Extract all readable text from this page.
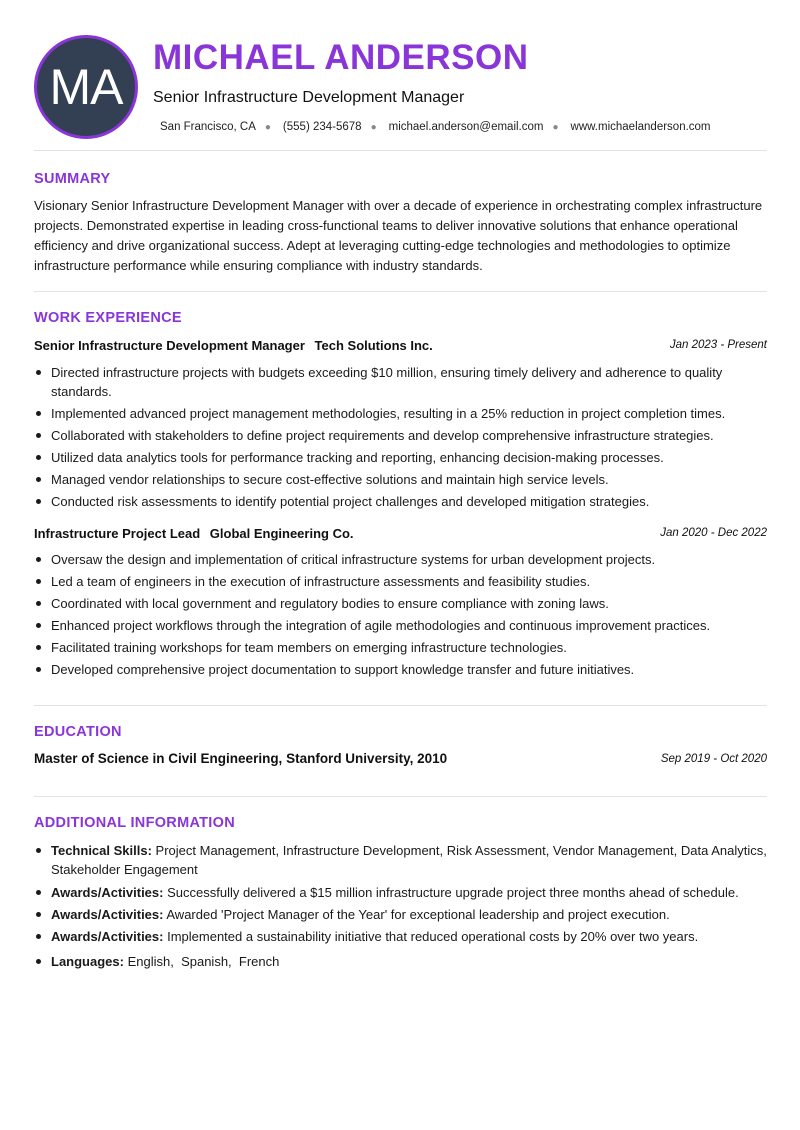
MA
MICHAEL ANDERSON
Senior Infrastructure Development Manager
San Francisco, CA ● (555) 234-5678 ● michael.anderson@email.com ● www.michaelanderson.com
SUMMARY
Visionary Senior Infrastructure Development Manager with over a decade of experience in orchestrating complex infrastructure projects. Demonstrated expertise in leading cross-functional teams to deliver innovative solutions that enhance operational efficiency and drive organizational success. Adept at leveraging cutting-edge technologies and methodologies to optimize infrastructure performance while ensuring compliance with industry standards.
WORK EXPERIENCE
Senior Infrastructure Development Manager Tech Solutions Inc.	Jan 2023 - Present
Directed infrastructure projects with budgets exceeding $10 million, ensuring timely delivery and adherence to quality standards.
Implemented advanced project management methodologies, resulting in a 25% reduction in project completion times.
Collaborated with stakeholders to define project requirements and develop comprehensive infrastructure strategies.
Utilized data analytics tools for performance tracking and reporting, enhancing decision-making processes.
Managed vendor relationships to secure cost-effective solutions and maintain high service levels.
Conducted risk assessments to identify potential project challenges and developed mitigation strategies.
Infrastructure Project Lead Global Engineering Co.	Jan 2020 - Dec 2022
Oversaw the design and implementation of critical infrastructure systems for urban development projects.
Led a team of engineers in the execution of infrastructure assessments and feasibility studies.
Coordinated with local government and regulatory bodies to ensure compliance with zoning laws.
Enhanced project workflows through the integration of agile methodologies and continuous improvement practices.
Facilitated training workshops for team members on emerging infrastructure technologies.
Developed comprehensive project documentation to support knowledge transfer and future initiatives.
EDUCATION
Master of Science in Civil Engineering, Stanford University, 2010	Sep 2019 - Oct 2020
ADDITIONAL INFORMATION
Technical Skills: Project Management, Infrastructure Development, Risk Assessment, Vendor Management, Data Analytics, Stakeholder Engagement
Awards/Activities: Successfully delivered a $15 million infrastructure upgrade project three months ahead of schedule.
Awards/Activities: Awarded 'Project Manager of the Year' for exceptional leadership and project execution.
Awards/Activities: Implemented a sustainability initiative that reduced operational costs by 20% over two years.
Languages: English,  Spanish,  French
